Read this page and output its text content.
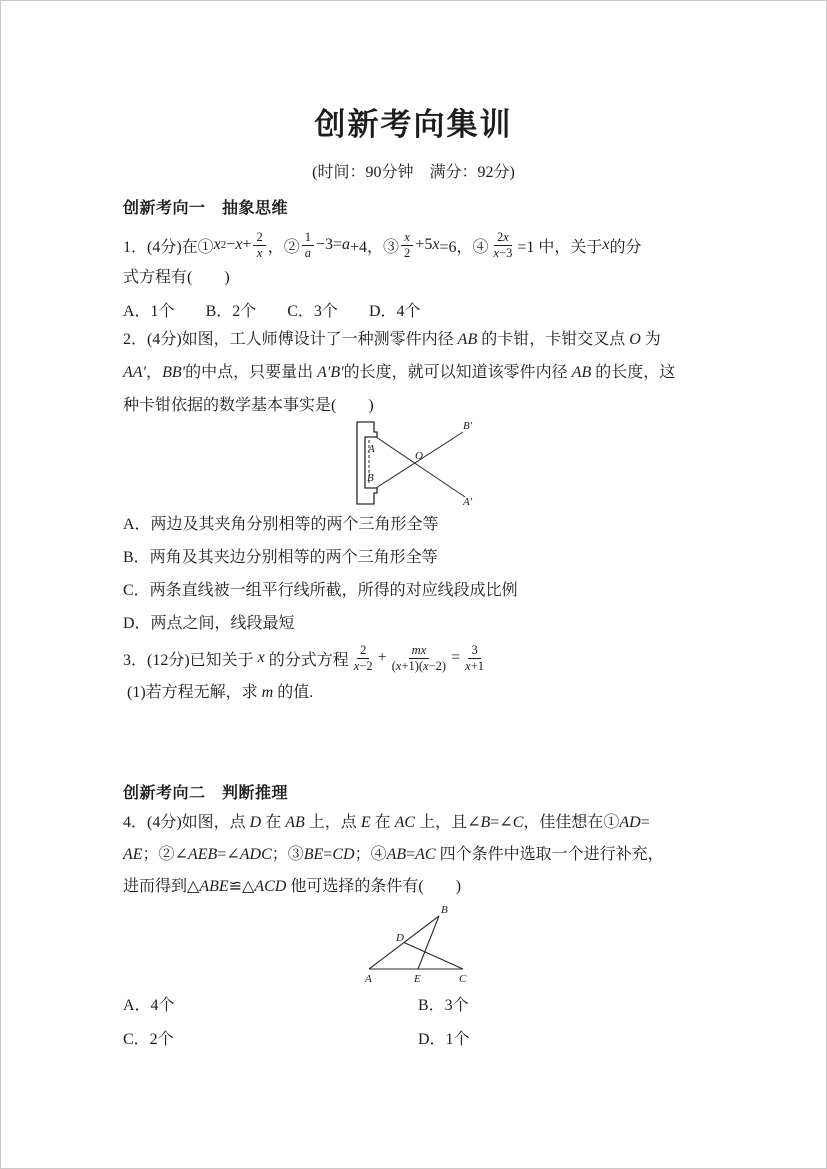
创新考向集训
(时间：90分钟　满分：92分)
创新考向一　抽象思维
1．(4分)在① x $2 - x + \frac{2}{x}$ ，② $\frac{1}{a} -3= a +4$，③ $\frac{x}{2} +5$ x =6，④ $\frac{2x}{x-3} =1$ 中，关于 x 的分
式方程有(　　)
A．1个 B．2个 C．3个 D．4个
2．(4分)如图，工人师傅设计了一种测零件内径 AB 的卡钳，卡钳交叉点 O 为
AA′，BB′的中点，只要量出 A′B′的长度，就可以知道该零件内径 AB 的长度，这
种卡钳依据的数学基本事实是(　　)
A
B
O
B′
A′
A．两边及其夹角分别相等的两个三角形全等
B．两角及其夹边分别相等的两个三角形全等
C．两条直线被一组平行线所截，所得的对应线段成比例
D．两点之间，线段最短
3．(12分)已知关于 x 的分式方程 $\frac{2}{x-2} + \frac{mx}{(x+1)(x-2)} = \frac{3}{x+1}$
(1)若方程无解，求 m 的值.
创新考向二　判断推理
4．(4分)如图，点 D 在 AB 上，点 E 在 AC 上，且∠B=∠C，佳佳想在①AD=
AE；②∠AEB=∠ADC；③BE=CD；④AB=AC 四个条件中选取一个进行补充，
进而得到△ABE≌△ACD 他可选择的条件有(　　)
A
B
C
D
E
A．4个	B．3个
C．2个	D．1个
